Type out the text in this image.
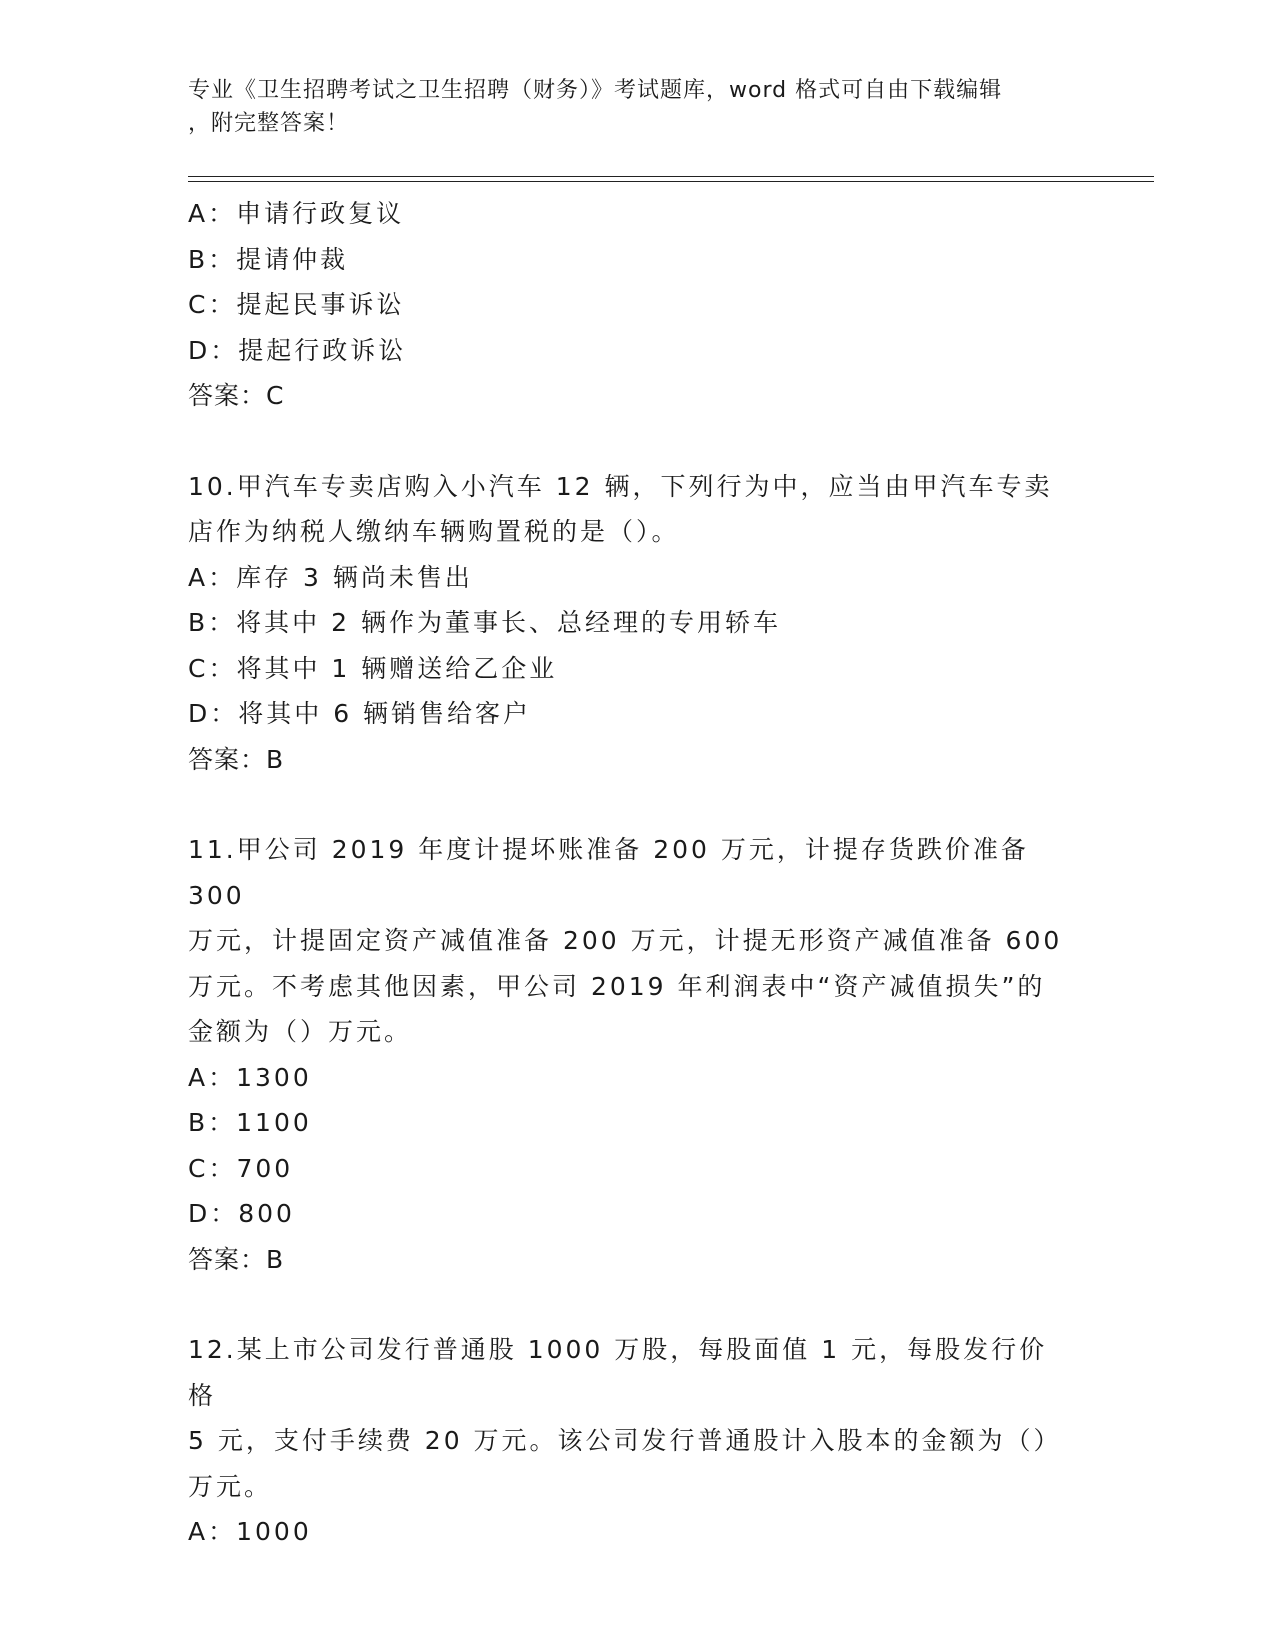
专业《卫生招聘考试之卫生招聘（财务）》考试题库，word 格式可自由下载编辑
，附完整答案！

A：申请行政复议

B：提请仲裁

C：提起民事诉讼

D：提起行政诉讼

答案：C

10.甲汽车专卖店购入小汽车 12 辆，下列行为中，应当由甲汽车专卖

店作为纳税人缴纳车辆购置税的是（）。

A：库存 3 辆尚未售出

B：将其中 2 辆作为董事长、总经理的专用轿车

C：将其中 1 辆赠送给乙企业

D：将其中 6 辆销售给客户

答案：B

11.甲公司 2019 年度计提坏账准备 200 万元，计提存货跌价准备 300

万元，计提固定资产减值准备 200 万元，计提无形资产减值准备 600

万元。不考虑其他因素，甲公司 2019 年利润表中“资产减值损失”的

金额为（）万元。

A：1300

B：1100

C：700

D：800

答案：B

12.某上市公司发行普通股 1000 万股，每股面值 1 元，每股发行价格

5 元，支付手续费 20 万元。该公司发行普通股计入股本的金额为（）

万元。

A：1000
